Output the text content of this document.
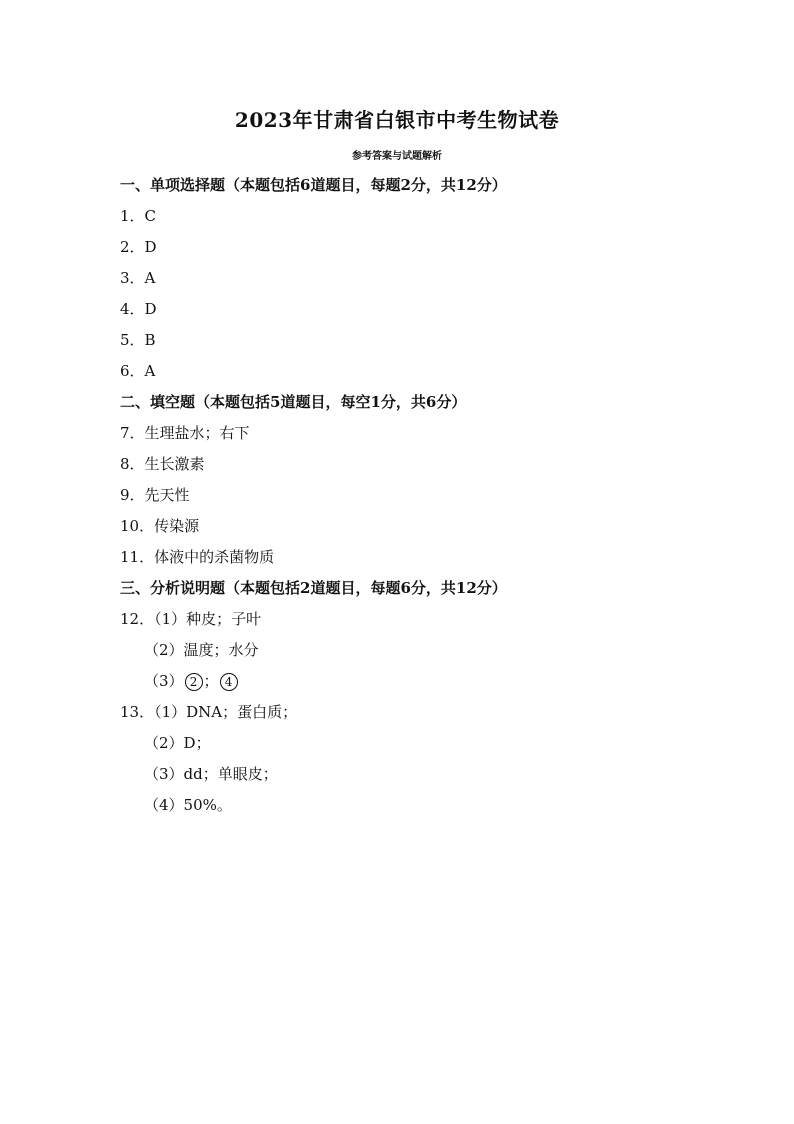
2023年甘肃省白银市中考生物试卷
参考答案与试题解析
一、单项选择题（本题包括6道题目，每题2分，共12分）
1．C
2．D
3．A
4．D
5．B
6．A
二、填空题（本题包括5道题目，每空1分，共6分）
7．生理盐水；右下
8．生长激素
9．先天性
10．传染源
11．体液中的杀菌物质
三、分析说明题（本题包括2道题目，每题6分，共12分）
12．（1）种皮；子叶
（2）温度；水分
（3） 2 ； 4
13．（1）DNA；蛋白质；
（2）D；
（3）dd；单眼皮；
（4）50%。
